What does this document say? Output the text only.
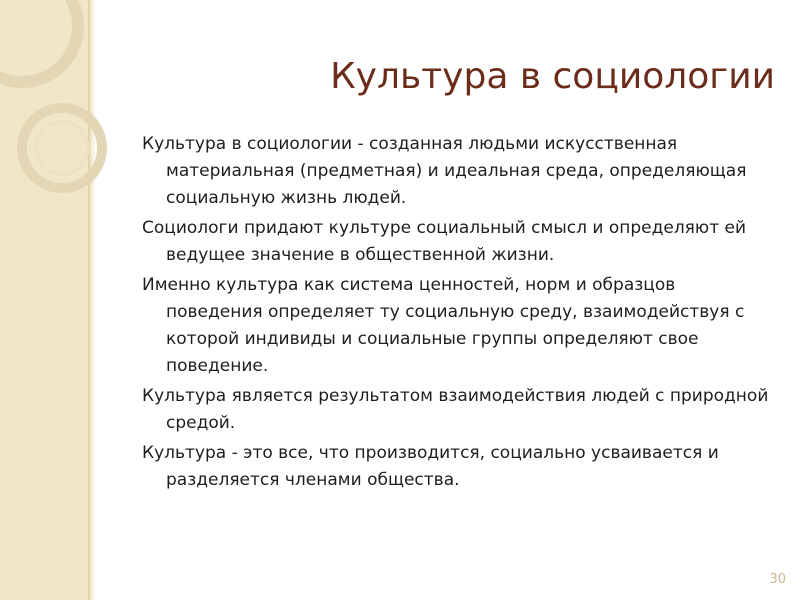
Культура в социологии
Культура в социологии - созданная людьми искусственная материальная (предметная) и идеальная среда, определяющая социальную жизнь людей.
Социологи придают культуре социальный смысл и определяют ей ведущее значение в общественной жизни.
Именно культура как система ценностей, норм и образцов поведения определяет ту социальную среду, взаимодействуя с которой индивиды и социальные группы определяют свое поведение.
Культура является результатом взаимодействия людей с природной средой.
Культура - это все, что производится, социально усваивается и разделяется членами общества.
30
